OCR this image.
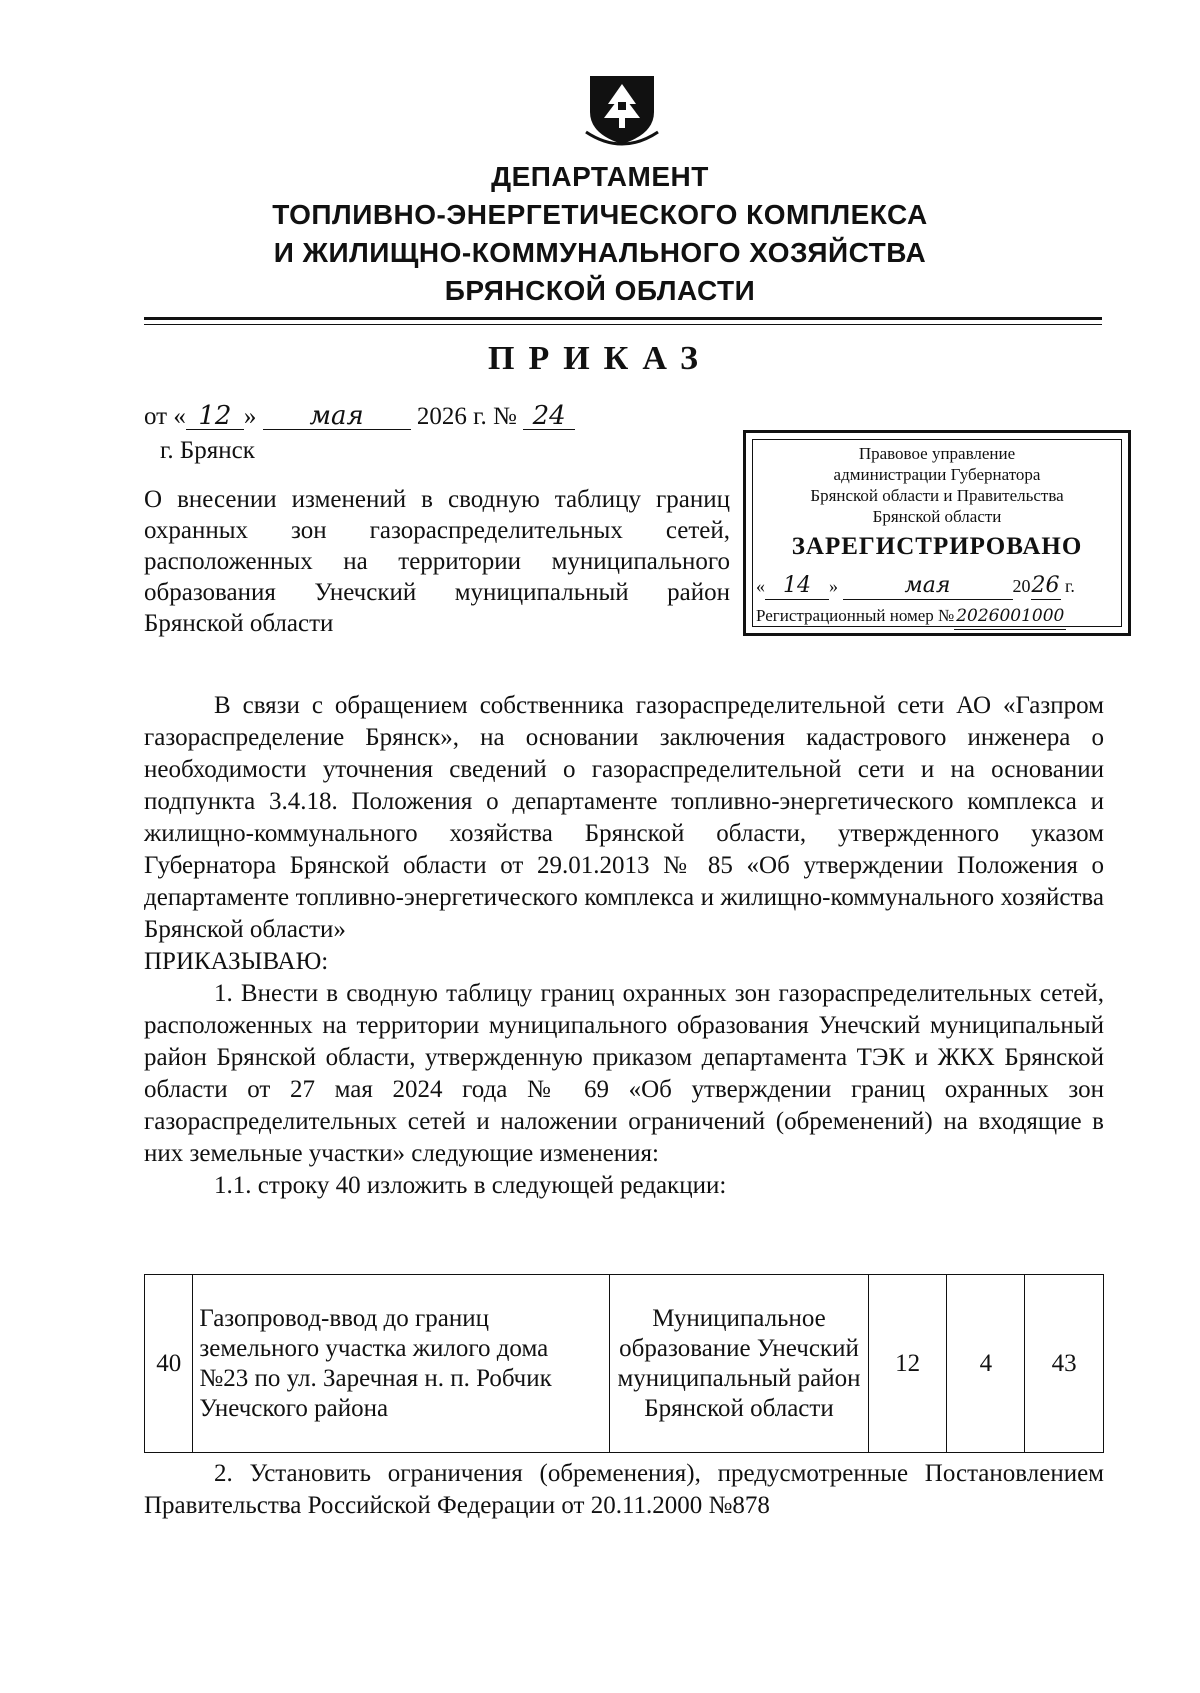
ДЕПАРТАМЕНТ
ТОПЛИВНО-ЭНЕРГЕТИЧЕСКОГО КОМПЛЕКСА
И ЖИЛИЩНО-КОММУНАЛЬНОГО ХОЗЯЙСТВА
БРЯНСКОЙ ОБЛАСТИ
ПРИКАЗ
от « 12 » мая 2026 г. № 24
г. Брянск
О внесении изменений в сводную таблицу границ охранных зон газораспределительных сетей, расположенных на территории муниципального образования Унечский муниципальный район Брянской области
Правовое управление
администрации Губернатора
Брянской области и Правительства
Брянской области
ЗАРЕГИСТРИРОВАНО
« 14 »	мая	2026 г.
Регистрационный номер № 2026001000

В связи с обращением собственника газораспределительной сети АО «Газпром газораспределение Брянск», на основании заключения кадастрового инженера о необходимости уточнения сведений о газораспределительной сети и на основании подпункта 3.4.18. Положения о департаменте топливно-энергетического комплекса и жилищно-коммунального хозяйства Брянской области, утвержденного указом Губернатора Брянской области от 29.01.2013 № 85 «Об утверждении Положения о департаменте топливно-энергетического комплекса и жилищно-коммунального хозяйства Брянской области»

ПРИКАЗЫВАЮ:

1. Внести в сводную таблицу границ охранных зон газораспределительных сетей, расположенных на территории муниципального образования Унечский муниципальный район Брянской области, утвержденную приказом департамента ТЭК и ЖКХ Брянской области от 27 мая 2024 года № 69 «Об утверждении границ охранных зон газораспределительных сетей и наложении ограничений (обременений) на входящие в них земельные участки» следующие изменения:

1.1. строку 40 изложить в следующей редакции:

40	Газопровод-ввод до границ земельного участка жилого дома №23 по ул. Заречная н. п. Робчик Унечского района	Муниципальное образование Унечский муниципальный район Брянской области	12	4	43

2. Установить ограничения (обременения), предусмотренные Постановлением Правительства Российской Федерации от 20.11.2000 №878
